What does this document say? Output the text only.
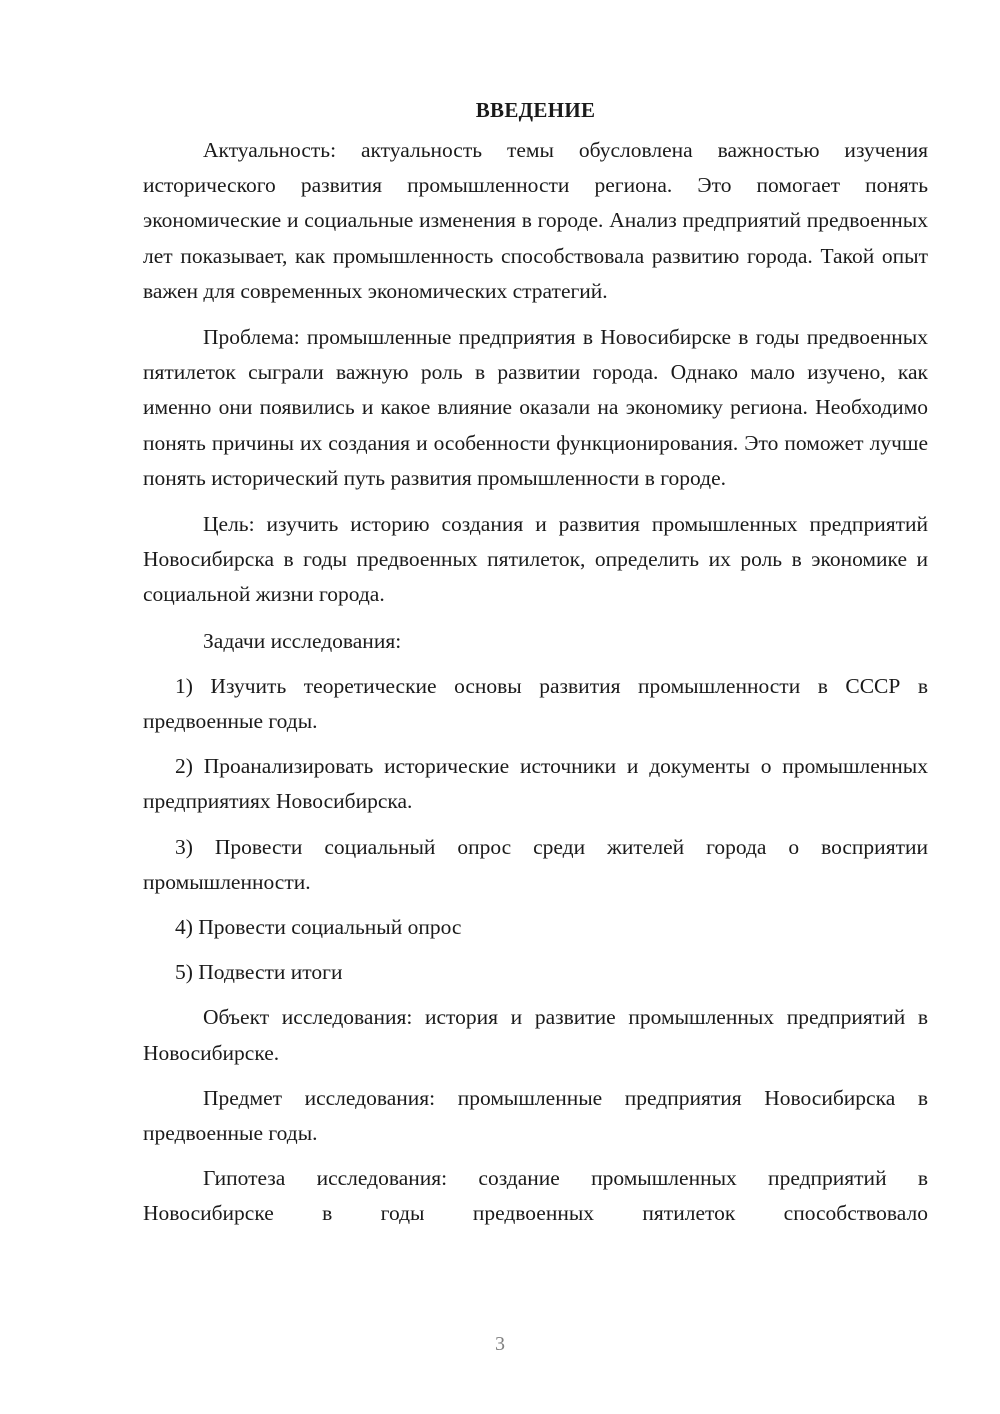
ВВЕДЕНИЕ

Актуальность: актуальность темы обусловлена важностью изучения исторического развития промышленности региона. Это помогает понять экономические и социальные изменения в городе. Анализ предприятий предвоенных лет показывает, как промышленность способствовала развитию города. Такой опыт важен для современных экономических стратегий.

Проблема: промышленные предприятия в Новосибирске в годы предвоенных пятилеток сыграли важную роль в развитии города. Однако мало изучено, как именно они появились и какое влияние оказали на экономику региона. Необходимо понять причины их создания и особенности функционирования. Это поможет лучше понять исторический путь развития промышленности в городе.

Цель: изучить историю создания и развития промышленных предприятий Новосибирска в годы предвоенных пятилеток, определить их роль в экономике и социальной жизни города.

Задачи исследования:

1) Изучить теоретические основы развития промышленности в СССР в предвоенные годы.

2) Проанализировать исторические источники и документы о промышленных предприятиях Новосибирска.

3) Провести социальный опрос среди жителей города о восприятии промышленности.

4) Провести социальный опрос

5) Подвести итоги

Объект исследования: история и развитие промышленных предприятий в Новосибирске.

Предмет исследования: промышленные предприятия Новосибирска в предвоенные годы.

Гипотеза исследования: создание промышленных предприятий в Новосибирске в годы предвоенных пятилеток способствовало

3
